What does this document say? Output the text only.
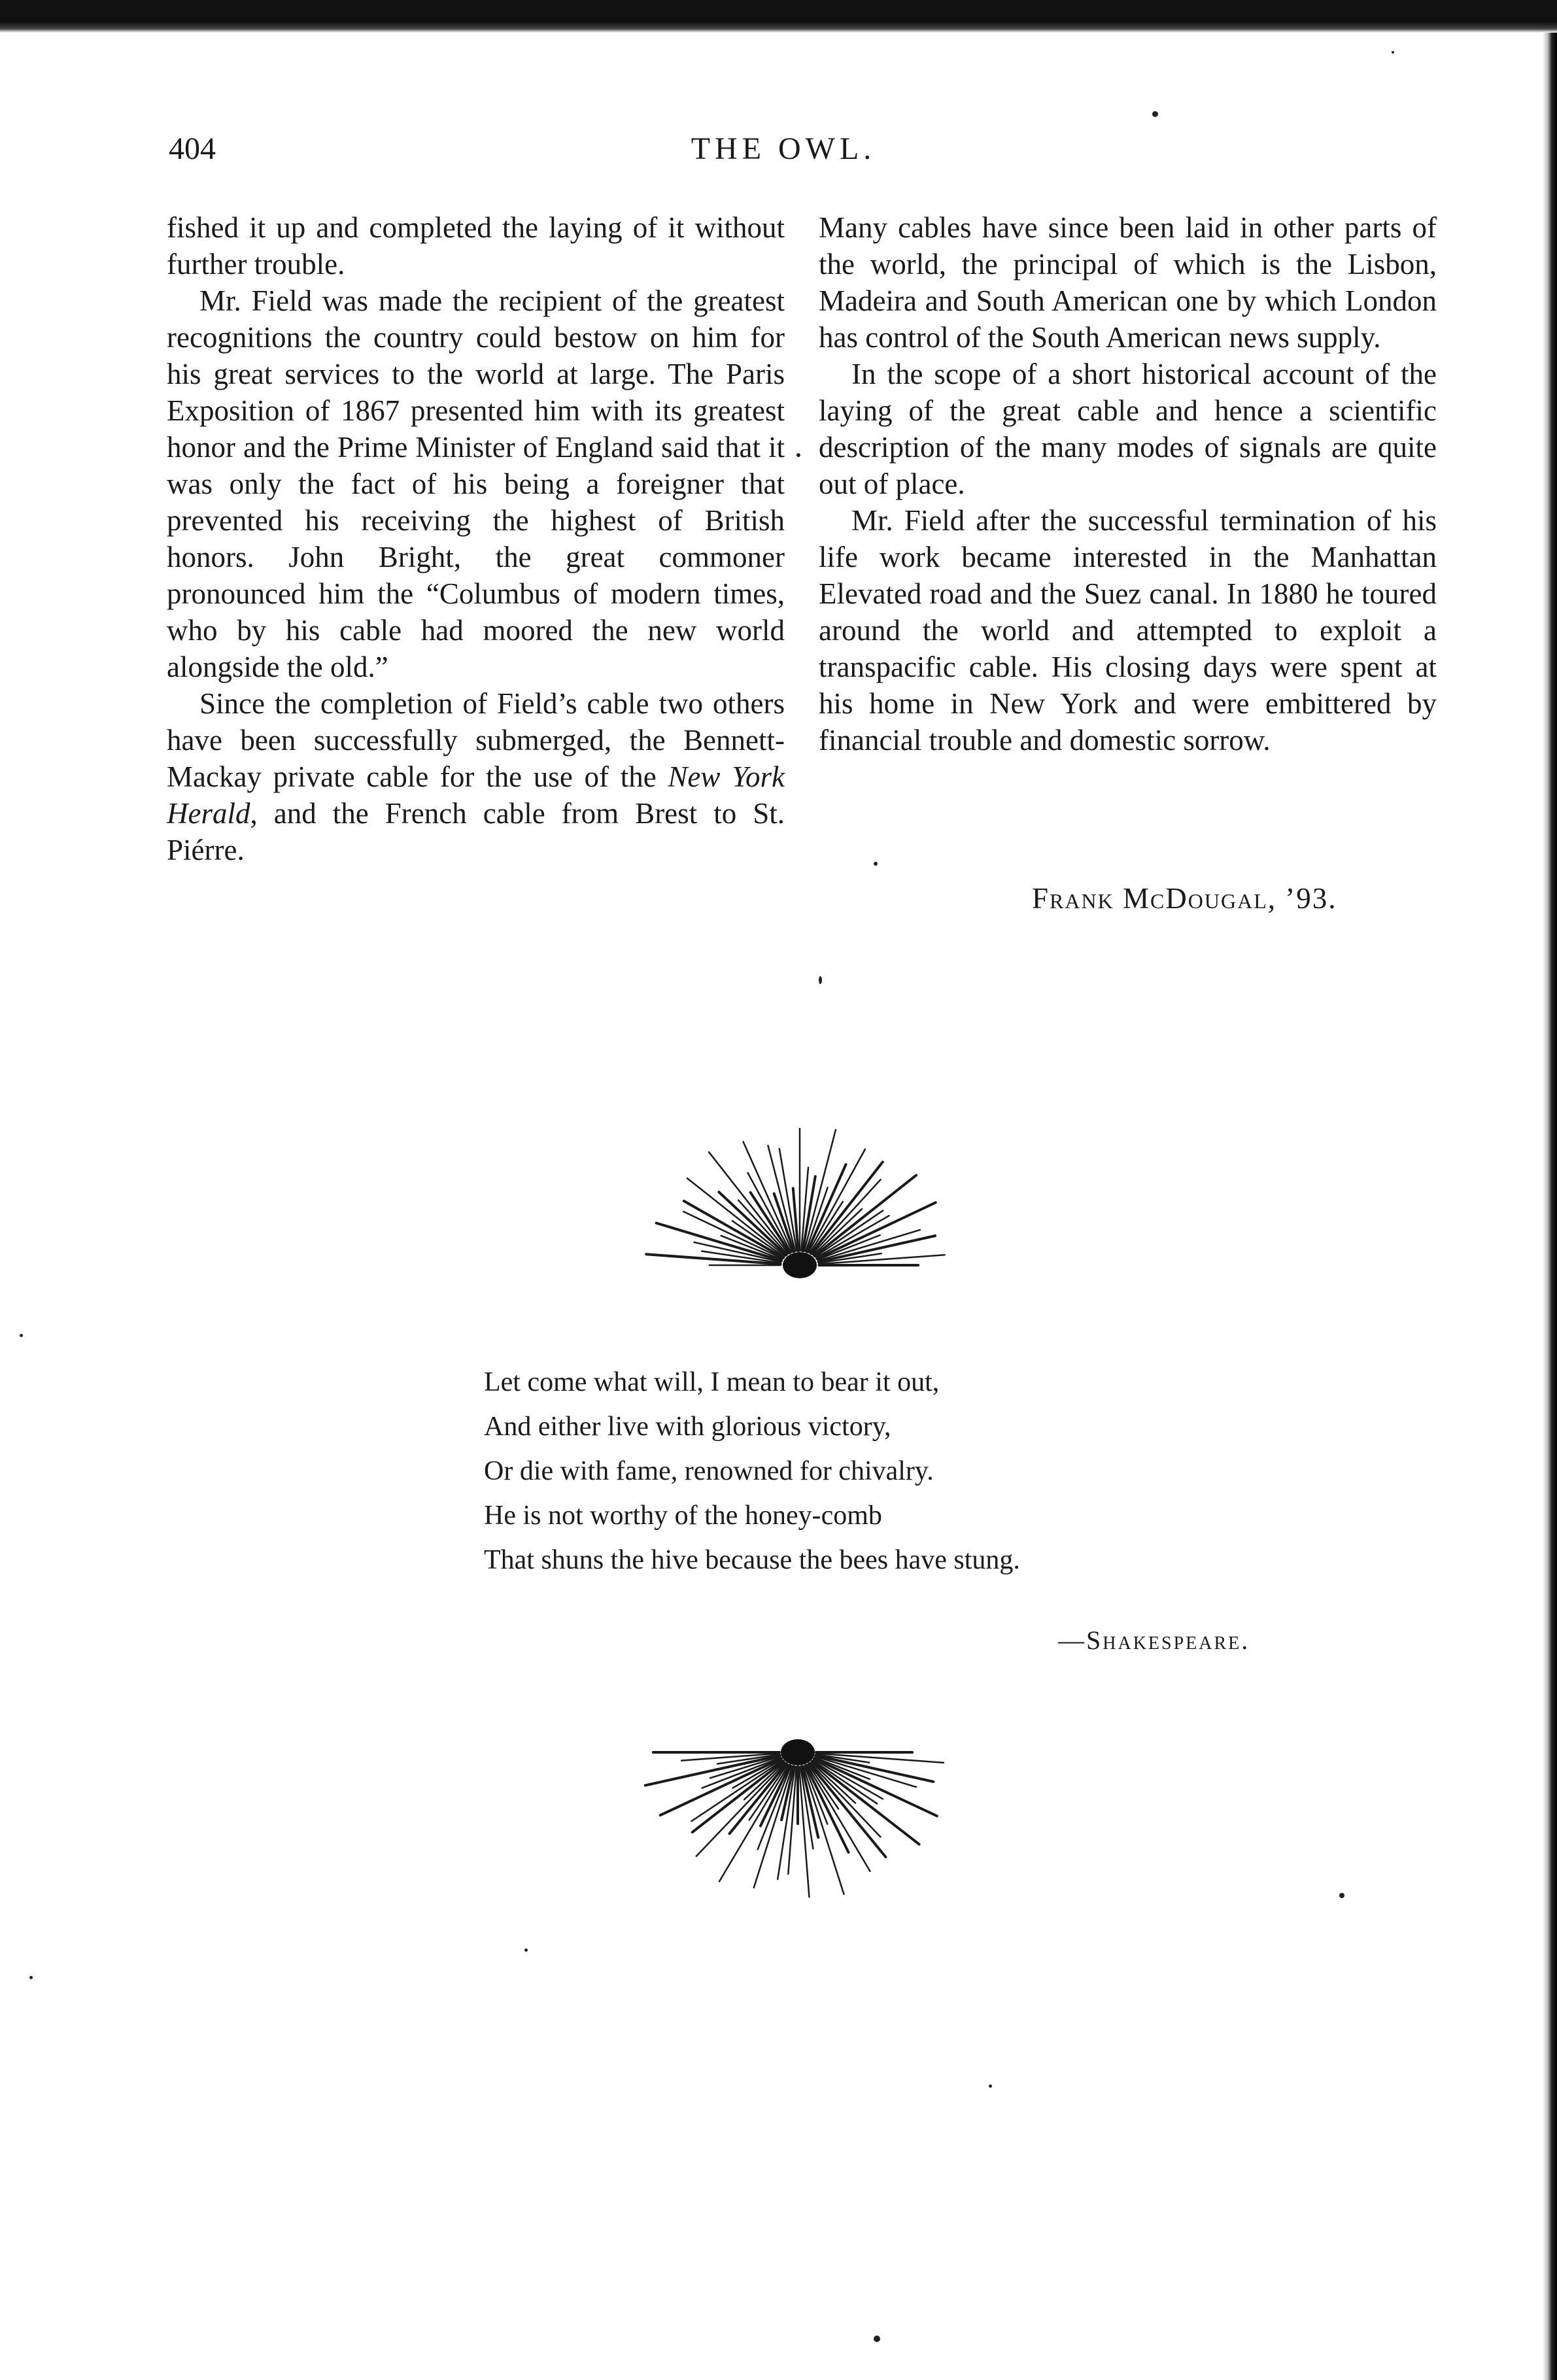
404	THE OWL.

fished it up and completed the laying of it without further trouble.

Mr. Field was made the recipient of the greatest recognitions the country could bestow on him for his great services to the world at large. The Paris Exposition of 1867 presented him with its greatest honor and the Prime Minister of England said that it was only the fact of his being a foreigner that prevented his receiving the highest of British honors. John Bright, the great commoner pronounced him the “Columbus of modern times, who by his cable had moored the new world alongside the old.”

Since the completion of Field’s cable two others have been successfully submerged, the Bennett-Mackay private cable for the use of the New York Herald, and the French cable from Brest to St. Piérre.

Many cables have since been laid in other parts of the world, the principal of which is the Lisbon, Madeira and South American one by which London has control of the South American news supply.

In the scope of a short historical account of the laying of the great cable and hence a scientific description of the many modes of signals are quite out of place.

Mr. Field after the successful termination of his life work became interested in the Manhattan Elevated road and the Suez canal. In 1880 he toured around the world and attempted to exploit a transpacific cable. His closing days were spent at his home in New York and were embittered by financial trouble and domestic sorrow.

Frank McDougal, ’93.
Let come what will, I mean to bear it out,
And either live with glorious victory,
Or die with fame, renowned for chivalry.
He is not worthy of the honey-comb
That shuns the hive because the bees have stung.
—Shakespeare.
